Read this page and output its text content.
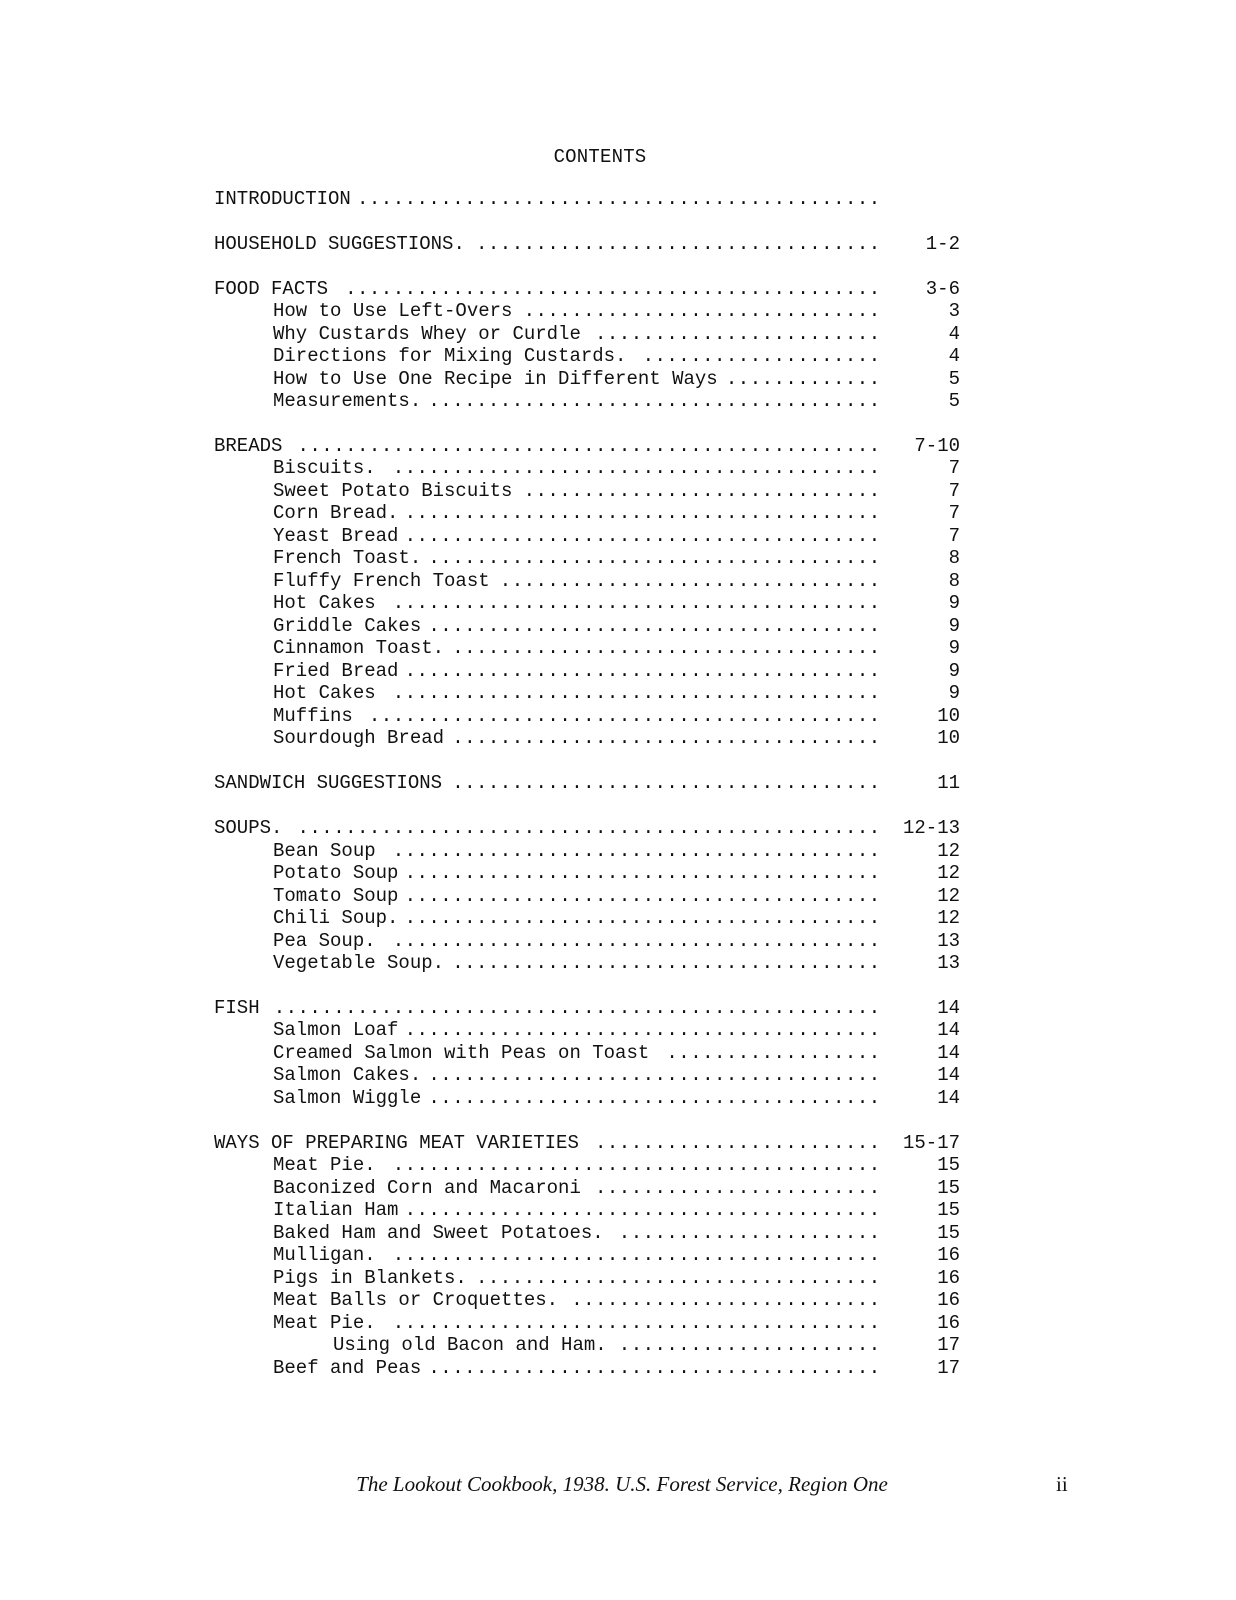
CONTENTS
INTRODUCTION ............................................
HOUSEHOLD SUGGESTIONS. .................................. 1-2
FOOD FACTS ............................................. 3-6
How to Use Left-Overs ..............................	3
Why Custards Whey or Curdle ........................	4
Directions for Mixing Custards. ....................	4
How to Use One Recipe in Different Ways .............	5
Measurements. ......................................	5
BREADS ................................................. 7-10
Biscuits. .........................................	7
Sweet Potato Biscuits ..............................	7
Corn Bread. ........................................	7
Yeast Bread ........................................	7
French Toast. ......................................	8
Fluffy French Toast ................................	8
Hot Cakes .........................................	9
Griddle Cakes ......................................	9
Cinnamon Toast. ....................................	9
Fried Bread ........................................	9
Hot Cakes .........................................	9
Muffins ...........................................	10
Sourdough Bread ....................................	10
SANDWICH SUGGESTIONS ....................................	11
SOUPS. ................................................. 12-13
Bean Soup .........................................	12
Potato Soup ........................................	12
Tomato Soup ........................................	12
Chili Soup. ........................................	12
Pea Soup. .........................................	13
Vegetable Soup. ....................................	13
FISH ...................................................	14
Salmon Loaf ........................................	14
Creamed Salmon with Peas on Toast ..................	14
Salmon Cakes. ......................................	14
Salmon Wiggle ......................................	14
WAYS OF PREPARING MEAT VARIETIES ........................ 15-17
Meat Pie. .........................................	15
Baconized Corn and Macaroni ........................	15
Italian Ham ........................................	15
Baked Ham and Sweet Potatoes. ......................	15
Mulligan. .........................................	16
Pigs in Blankets. ..................................	16
Meat Balls or Croquettes. ..........................	16
Meat Pie. .........................................	16
Using old Bacon and Ham. ......................	17
Beef and Peas ......................................	17
The Lookout Cookbook, 1938. U.S. Forest Service, Region One	ii
